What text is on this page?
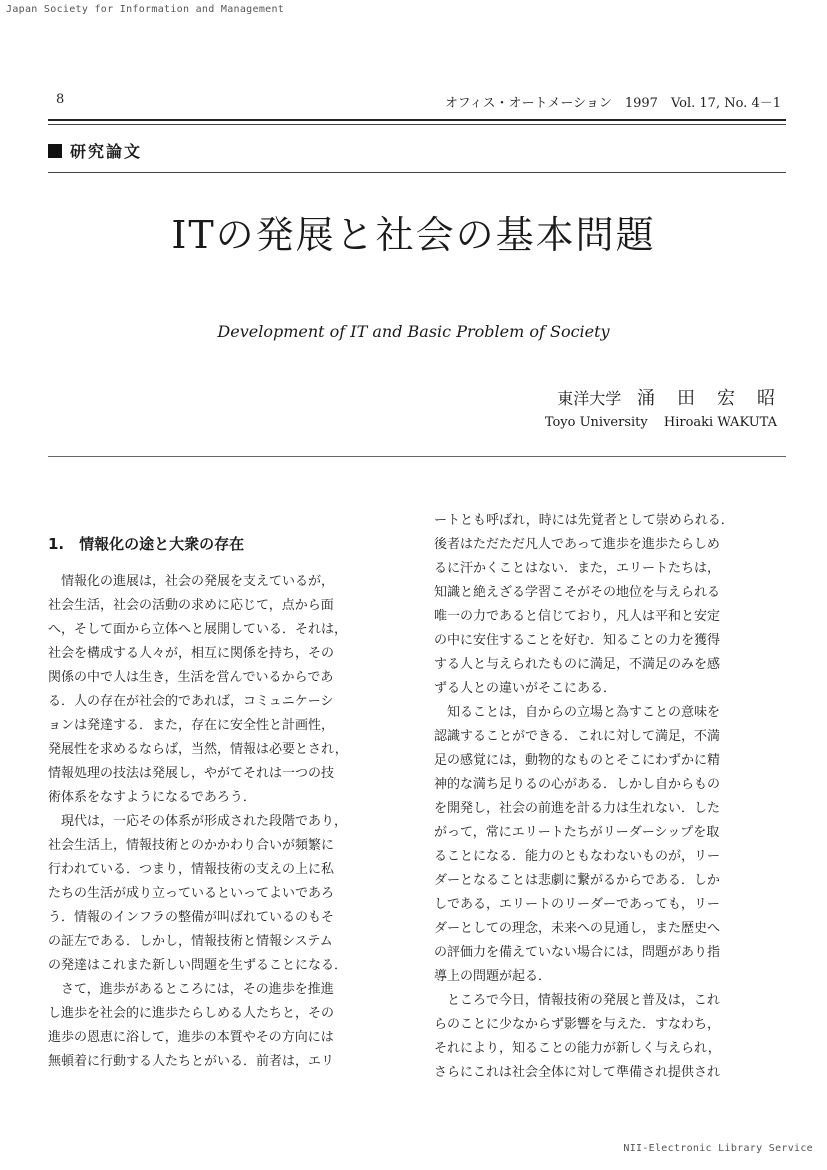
Japan Society for Information and Management
NII-Electronic Library Service
8	オフィス・オートメーション　1997　Vol. 17, No. 4－1
研究論文
ITの発展と社会の基本問題
Development of IT and Basic Problem of Society
東洋大学 涌　田　宏　昭
Toyo University Hiroaki WAKUTA
1.　情報化の途と大衆の存在
　情報化の進展は，社会の発展を支えているが，
社会生活，社会の活動の求めに応じて，点から面
へ，そして面から立体へと展開している．それは，
社会を構成する人々が，相互に関係を持ち，その
関係の中で人は生き，生活を営んでいるからであ
る．人の存在が社会的であれば，コミュニケーシ
ョンは発達する．また，存在に安全性と計画性，
発展性を求めるならば，当然，情報は必要とされ，
情報処理の技法は発展し，やがてそれは一つの技
術体系をなすようになるであろう．
　現代は，一応その体系が形成された段階であり，
社会生活上，情報技術とのかかわり合いが頻繁に
行われている．つまり，情報技術の支えの上に私
たちの生活が成り立っているといってよいであろ
う．情報のインフラの整備が叫ばれているのもそ
の証左である．しかし，情報技術と情報システム
の発達はこれまた新しい問題を生ずることになる．
　さて，進歩があるところには，その進歩を推進
し進歩を社会的に進歩たらしめる人たちと，その
進歩の恩恵に浴して，進歩の本質やその方向には
無頓着に行動する人たちとがいる．前者は，エリ
ートとも呼ばれ，時には先覚者として崇められる．
後者はただただ凡人であって進歩を進歩たらしめ
るに汗かくことはない．また，エリートたちは，
知識と絶えざる学習こそがその地位を与えられる
唯一の力であると信じており，凡人は平和と安定
の中に安住することを好む．知ることの力を獲得
する人と与えられたものに満足，不満足のみを感
ずる人との違いがそこにある．
　知ることは，自からの立場と為すことの意味を
認識することができる．これに対して満足，不満
足の感覚には，動物的なものとそこにわずかに精
神的な満ち足りるの心がある．しかし自からもの
を開発し，社会の前進を計る力は生れない．した
がって，常にエリートたちがリーダーシップを取
ることになる．能力のともなわないものが，リー
ダーとなることは悲劇に繋がるからである．しか
しである，エリートのリーダーであっても，リー
ダーとしての理念，未来への見通し，また歴史へ
の評価力を備えていない場合には，問題があり指
導上の問題が起る．
　ところで今日，情報技術の発展と普及は，これ
らのことに少なからず影響を与えた．すなわち，
それにより，知ることの能力が新しく与えられ，
さらにこれは社会全体に対して準備され提供され
